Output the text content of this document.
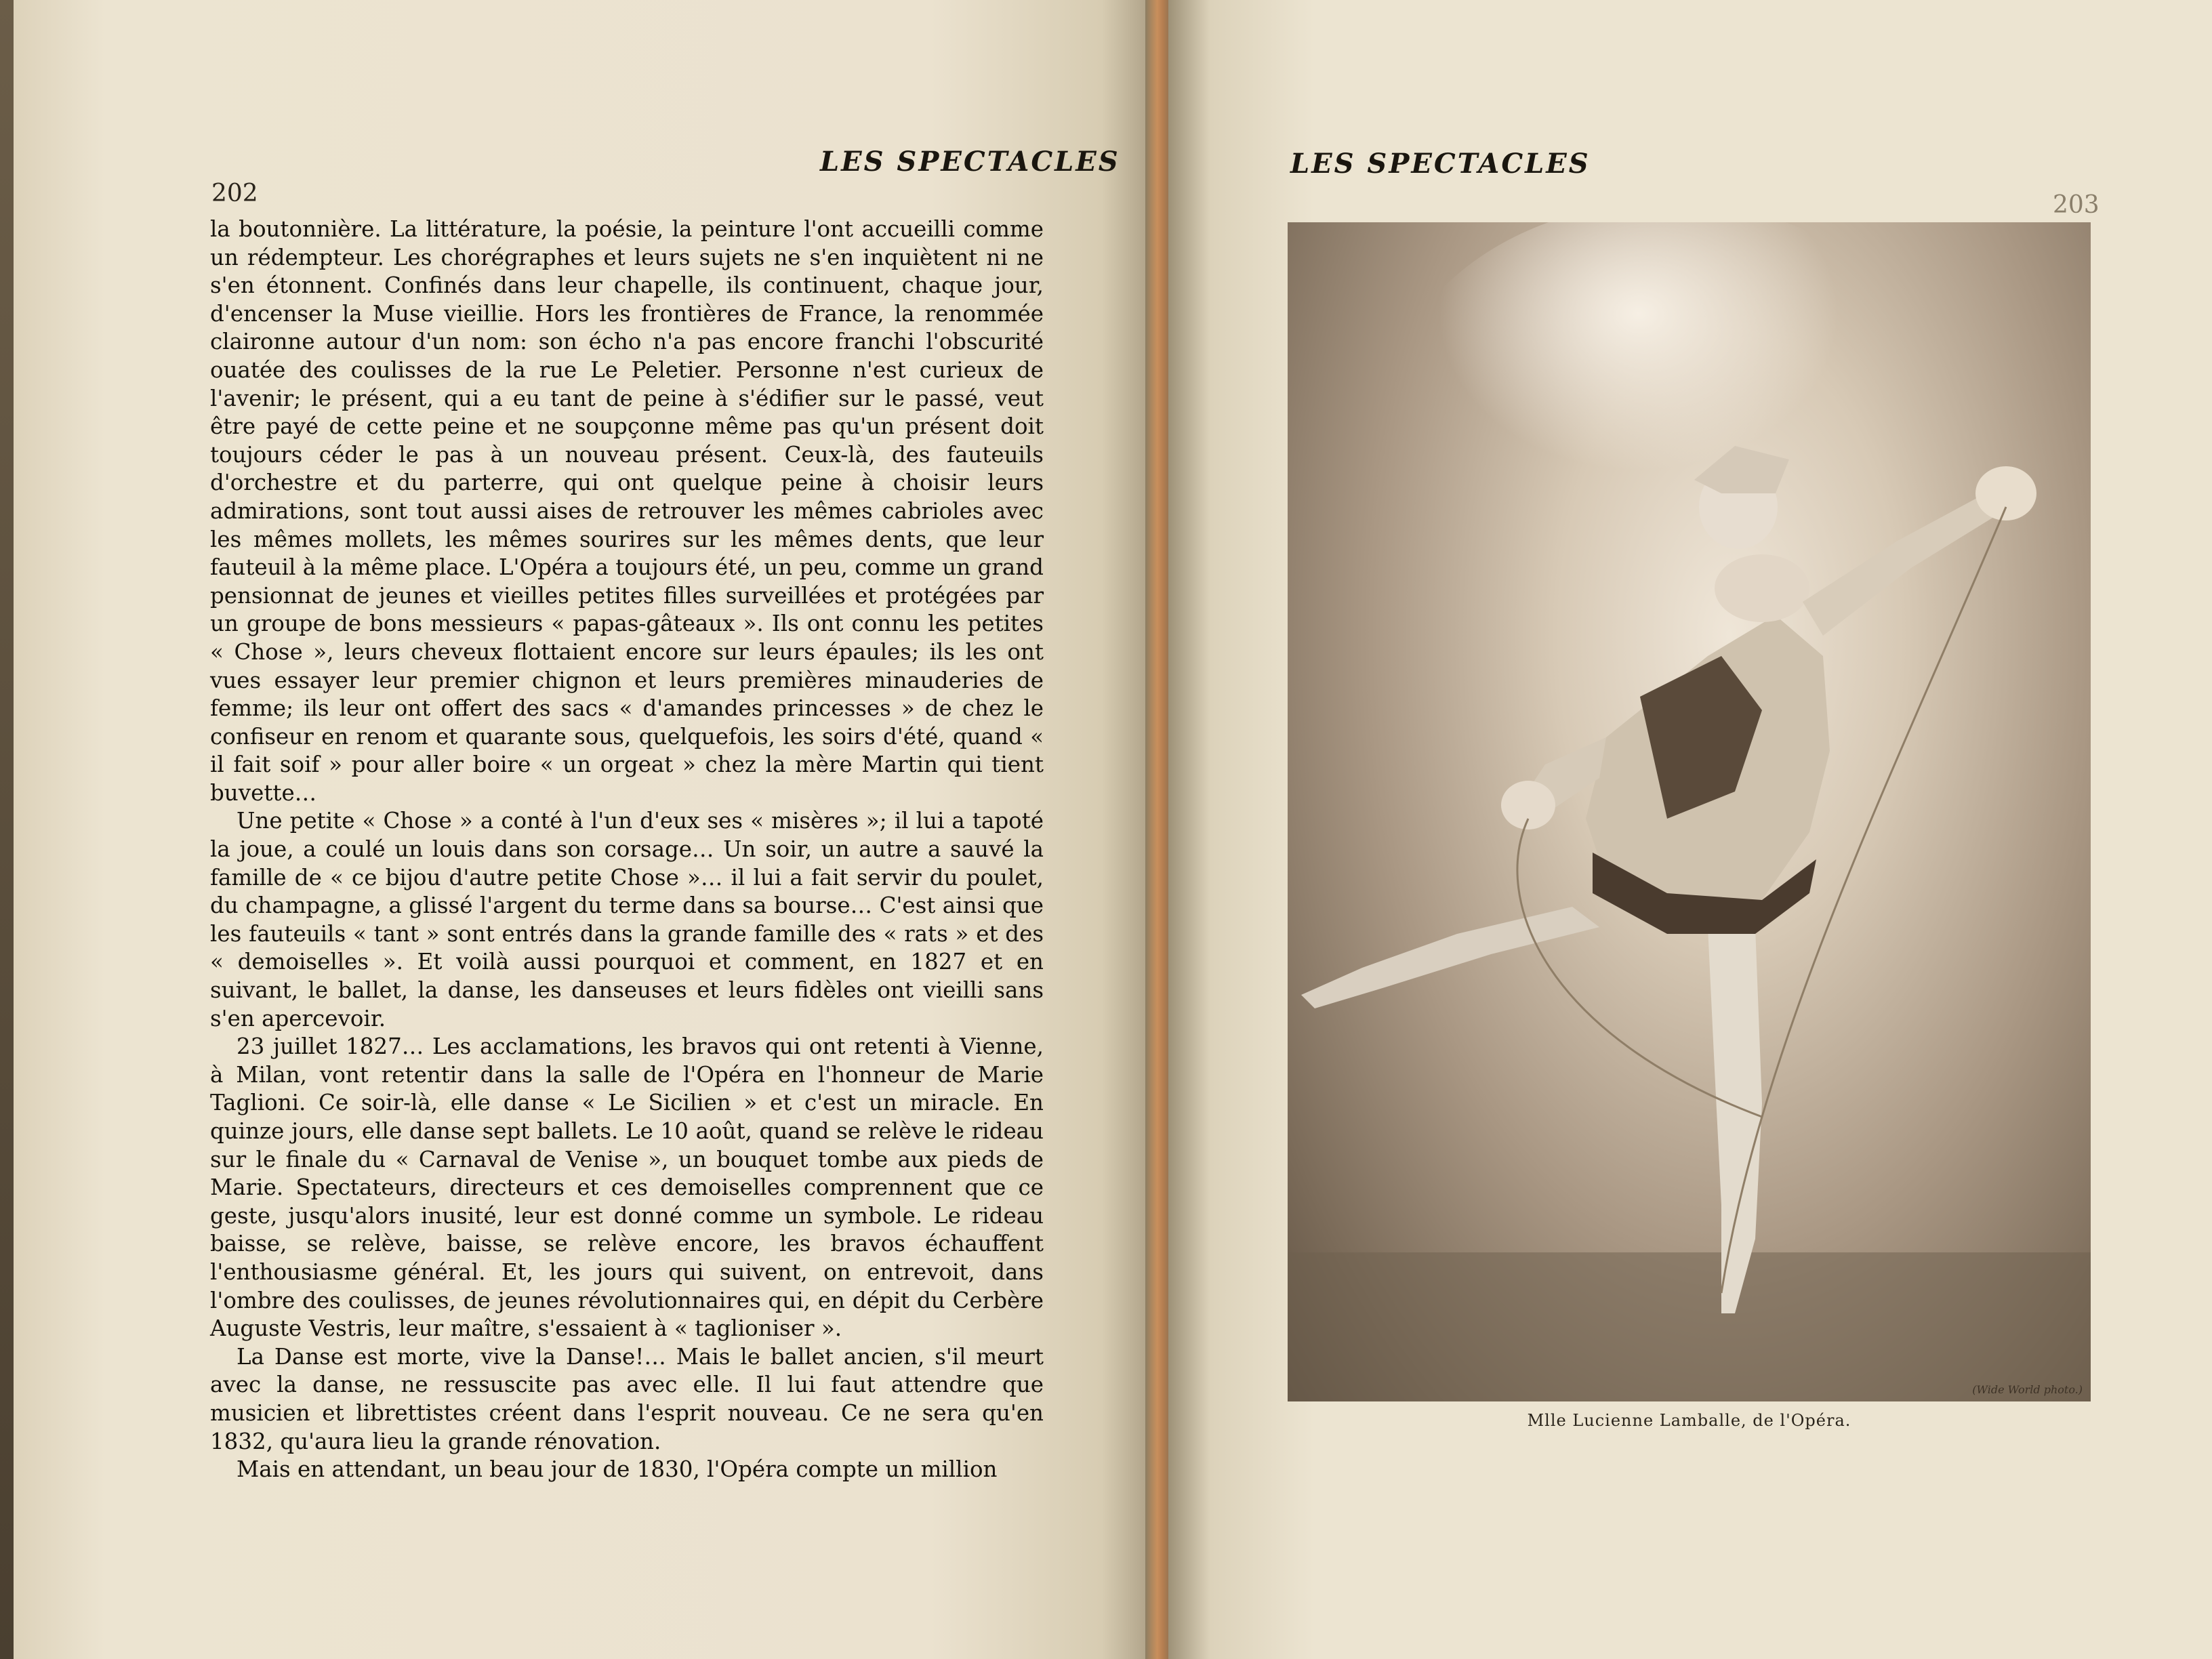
LES SPECTACLES
202

la boutonnière. La littérature, la poésie, la peinture l'ont accueilli comme un rédempteur. Les chorégraphes et leurs sujets ne s'en inquiètent ni ne s'en étonnent. Confinés dans leur chapelle, ils continuent, chaque jour, d'encenser la Muse vieillie. Hors les frontières de France, la renommée claironne autour d'un nom: son écho n'a pas encore franchi l'obscurité ouatée des coulisses de la rue Le Peletier. Personne n'est curieux de l'avenir; le présent, qui a eu tant de peine à s'édifier sur le passé, veut être payé de cette peine et ne soupçonne même pas qu'un présent doit toujours céder le pas à un nouveau présent. Ceux-là, des fauteuils d'orchestre et du parterre, qui ont quelque peine à choisir leurs admirations, sont tout aussi aises de retrouver les mêmes cabrioles avec les mêmes mollets, les mêmes sourires sur les mêmes dents, que leur fauteuil à la même place. L'Opéra a toujours été, un peu, comme un grand pensionnat de jeunes et vieilles petites filles surveillées et protégées par un groupe de bons messieurs « papas-gâteaux ». Ils ont connu les petites « Chose », leurs cheveux flottaient encore sur leurs épaules; ils les ont vues essayer leur premier chignon et leurs premières minauderies de femme; ils leur ont offert des sacs « d'amandes princesses » de chez le confiseur en renom et quarante sous, quelquefois, les soirs d'été, quand « il fait soif » pour aller boire « un orgeat » chez la mère Martin qui tient buvette…

Une petite « Chose » a conté à l'un d'eux ses « misères »; il lui a tapoté la joue, a coulé un louis dans son corsage… Un soir, un autre a sauvé la famille de « ce bijou d'autre petite Chose »… il lui a fait servir du poulet, du champagne, a glissé l'argent du terme dans sa bourse… C'est ainsi que les fauteuils « tant » sont entrés dans la grande famille des « rats » et des « demoiselles ». Et voilà aussi pourquoi et comment, en 1827 et en suivant, le ballet, la danse, les danseuses et leurs fidèles ont vieilli sans s'en apercevoir.

23 juillet 1827… Les acclamations, les bravos qui ont retenti à Vienne, à Milan, vont retentir dans la salle de l'Opéra en l'honneur de Marie Taglioni. Ce soir-là, elle danse « Le Sicilien » et c'est un miracle. En quinze jours, elle danse sept ballets. Le 10 août, quand se relève le rideau sur le finale du « Carnaval de Venise », un bouquet tombe aux pieds de Marie. Spectateurs, directeurs et ces demoiselles comprennent que ce geste, jusqu'alors inusité, leur est donné comme un symbole. Le rideau baisse, se relève, baisse, se relève encore, les bravos échauffent l'enthousiasme général. Et, les jours qui suivent, on entrevoit, dans l'ombre des coulisses, de jeunes révolutionnaires qui, en dépit du Cerbère Auguste Vestris, leur maître, s'essaient à « taglioniser ».

La Danse est morte, vive la Danse!… Mais le ballet ancien, s'il meurt avec la danse, ne ressuscite pas avec elle. Il lui faut attendre que musicien et librettistes créent dans l'esprit nouveau. Ce ne sera qu'en 1832, qu'aura lieu la grande rénovation.

Mais en attendant, un beau jour de 1830, l'Opéra compte un million

LES SPECTACLES
203
(Wide World photo.)
Mlle Lucienne Lamballe, de l'Opéra.
